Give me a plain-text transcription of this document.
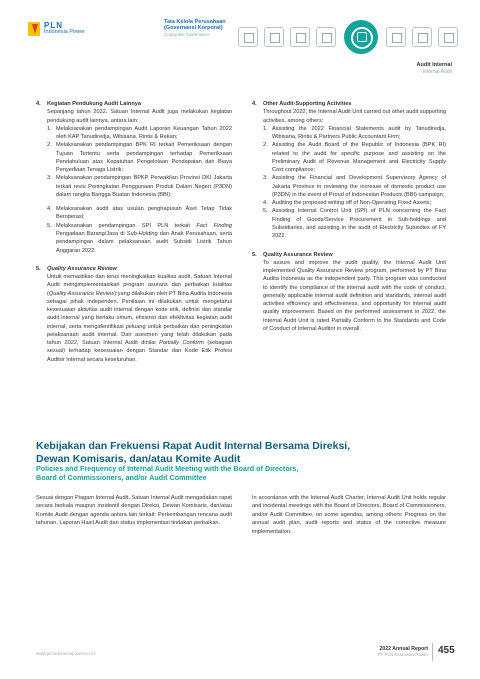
PLN
Indonesia Power
Tata Kelola Perusahaan
(Governansi Korporat)
Corporate Governance
Audit Internal
Internal Audit
4. Kegiatan Pendukung Audit Lainnya
Sepanjang tahun 2022, Satuan Internal Audit juga melakukan kegiatan pendukung audit lainnya, antara lain:
1. Melaksanakan pendampingan Audit Laporan Keuangan Tahun 2022 oleh KAP Tanudiredja, Wibisana, Rintis & Rekan;
2. Melaksanakan pendampingan BPK RI terkait Pemeriksaan dengan Tujuan Tertentu serta pendampingan terhadap Pemeriksaan Pendahuluan atas Kepatuhan Pengelolaan Pendapatan dan Biaya Penyediaan Tenaga Listrik;
3. Melaksanakan pendampingan BPKP Perwakilan Provinsi DKI Jakarta terkait reviu Peningkatan Penggunaan Produk Dalam Negeri (P3DN) dalam rangka Bangga Buatan Indonesia (BBI);
4. Melaksanakan audit atas usulan penghapusan Aset Tetap Tidak Beroperasi;
5. Melaksanakan pendampingan SPI PLN terkait Fact Finding Pengadaan Barang/Jasa di Sub-Holding dan Anak Perusahaan, serta pendampingan dalam pelaksanaan audit Subsidi Listrik Tahun Anggaran 2022.
5. Quality Assurance Review
Untuk memastikan dan terus meningkatkan kualitas audit, Satuan Internal Audit mengimplementasikan program asurans dan perbaikan kualitas (Quality Assurance Review) yang dilakukan oleh PT Bina Audita Indonesia sebagai pihak independen. Penilaian ini dilakukan untuk mengetahui kesesuaian aktivitas audit internal dengan kode etik, definisi dan standar audit internal yang berlaku umum, efisiensi dan efektivitas kegiatan audit internal, serta mengidentifikasi peluang untuk perbaikan dan peningkatan pelaksanaan audit internal. Dari asesmen yang telah dilakukan pada tahun 2022, Satuan Internal Audit dinilai Partially Conform (sebagian sesuai) terhadap kesesuaian dengan Standar dan Kode Etik Profesi Auditor Internal secara keseluruhan.
4. Other Audit-Supporting Activities
Throughout 2022, the Internal Audit Unit carried out other audit supporting activities, among others:
1. Assisting the 2022 Financial Statements audit by Tanudiredja, Wibisana, Rintis & Partners Public Accountant Firm;
2. Assisting the Audit Board of the Republic of Indonesia (BPK RI) related to the audit for specific purpose and assisting on the Preliminary Audit of Revenue Management and Electricity Supply Cost compliance;
3. Assisting the Financial and Development Supervisory Agency of Jakarta Province in reviewing the increase of domestic product use (P3DN) in the event of Proud of Indonesian Products (BBI) campaign;
4. Auditing the proposed writing off of Non-Operating Fixed Assets;
5. Assisting Internal Control Unit (SPI) of PLN concerning the Fact Finding of Goods/Service Procurement in Sub-holdings and Subsidiaries, and assisting in the audit of Electricity Subsidies of FY 2022.
5. Quality Assurance Review
To assure and improve the audit quality, the Internal Audit Unit implemented Quality Assurance Review program, performed by PT Bina Audita Indonesia as the independent party. This program was conducted to identify the compliance of the internal audit with the code of conduct, generally applicable internal audit definition and standards, internal audit activities efficiency and effectiveness, and opportunity for internal audit quality improvement. Based on the performed assessment in 2022, the Internal Audit Unit is rated Partially Conform to the Standards and Code of Conduct of Internal Auditor in overall.
Kebijakan dan Frekuensi Rapat Audit Internal Bersama Direksi,
Dewan Komisaris, dan/atau Komite Audit
Policies and Frequency of Internal Audit Meeting with the Board of Directors,
Board of Commissioners, and/or Audit Committee
Sesuai dengan Piagam Internal Audit, Satuan Internal Audit mengadakan rapat secara berkala maupun insidentil dengan Direksi, Dewan Komisaris, dan/atau Komite Audit dengan agenda antara lain terkait: Perkembangan rencana audit tahunan, Laporan Hasil Audit dan status implementasi tindakan perbaikan.
In accordance with the Internal Audit Charter, Internal Audit Unit holds regular and incidental meetings with the Board of Directors, Board of Commissioners, and/or Audit Committee, on some agendas, among others: Progress on the annual audit plan, audit reports and status of the corrective measure implementation.
www.plnindonesiapower.co.id
2022 Annual Report
PT PLN Indonesia Power 455
